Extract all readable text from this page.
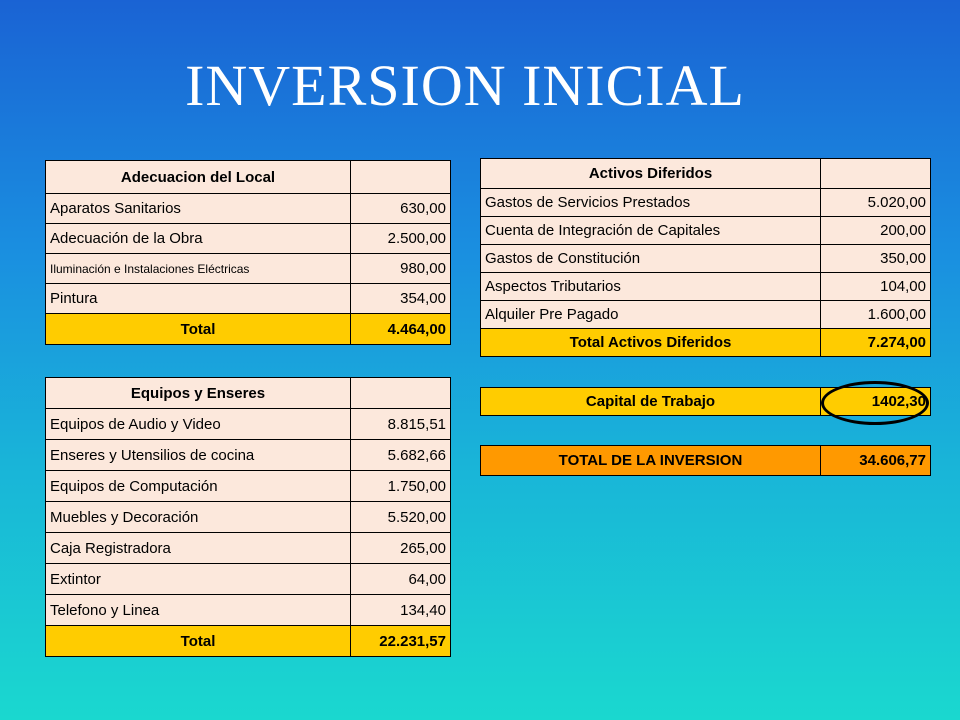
INVERSION INICIAL
Adecuacion del Local	
Aparatos Sanitarios	630,00
Adecuación de la Obra	2.500,00
Iluminación e Instalaciones Eléctricas	980,00
Pintura	354,00
Total	4.464,00
Equipos y Enseres	
Equipos de Audio y Video	8.815,51
Enseres y Utensilios de cocina	5.682,66
Equipos de Computación	1.750,00
Muebles y Decoración	5.520,00
Caja Registradora	265,00
Extintor	64,00
Telefono y Linea	134,40
Total	22.231,57
Activos Diferidos	
Gastos de Servicios Prestados	5.020,00
Cuenta de Integración de Capitales	200,00
Gastos de Constitución	350,00
Aspectos Tributarios	104,00
Alquiler Pre Pagado	1.600,00
Total Activos Diferidos	7.274,00
Capital de Trabajo	1402,30
TOTAL DE LA INVERSION	34.606,77
